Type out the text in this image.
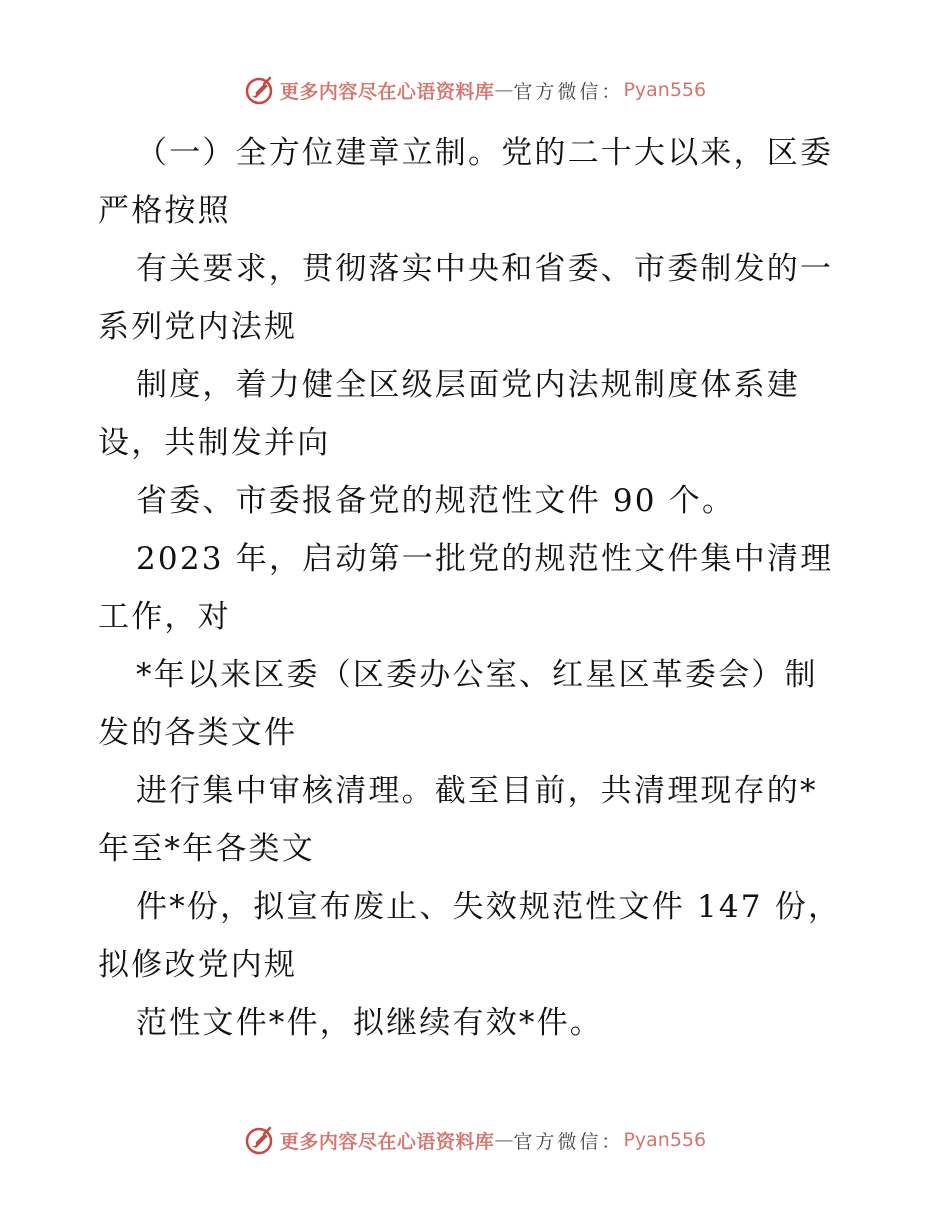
更多内容尽在心语资料库 — 官方微信： Pyan556
（一）全方位建章立制。党的二十大以来，区委
严格按照
有关要求，贯彻落实中央和省委、市委制发的一
系列党内法规
制度，着力健全区级层面党内法规制度体系建
设，共制发并向
省委、市委报备党的规范性文件 90 个。
2023 年，启动第一批党的规范性文件集中清理
工作，对
*年以来区委（区委办公室、红星区革委会）制
发的各类文件
进行集中审核清理。截至目前，共清理现存的*
年至*年各类文
件*份，拟宣布废止、失效规范性文件 147 份，
拟修改党内规
范性文件*件，拟继续有效*件。
更多内容尽在心语资料库 — 官方微信： Pyan556
